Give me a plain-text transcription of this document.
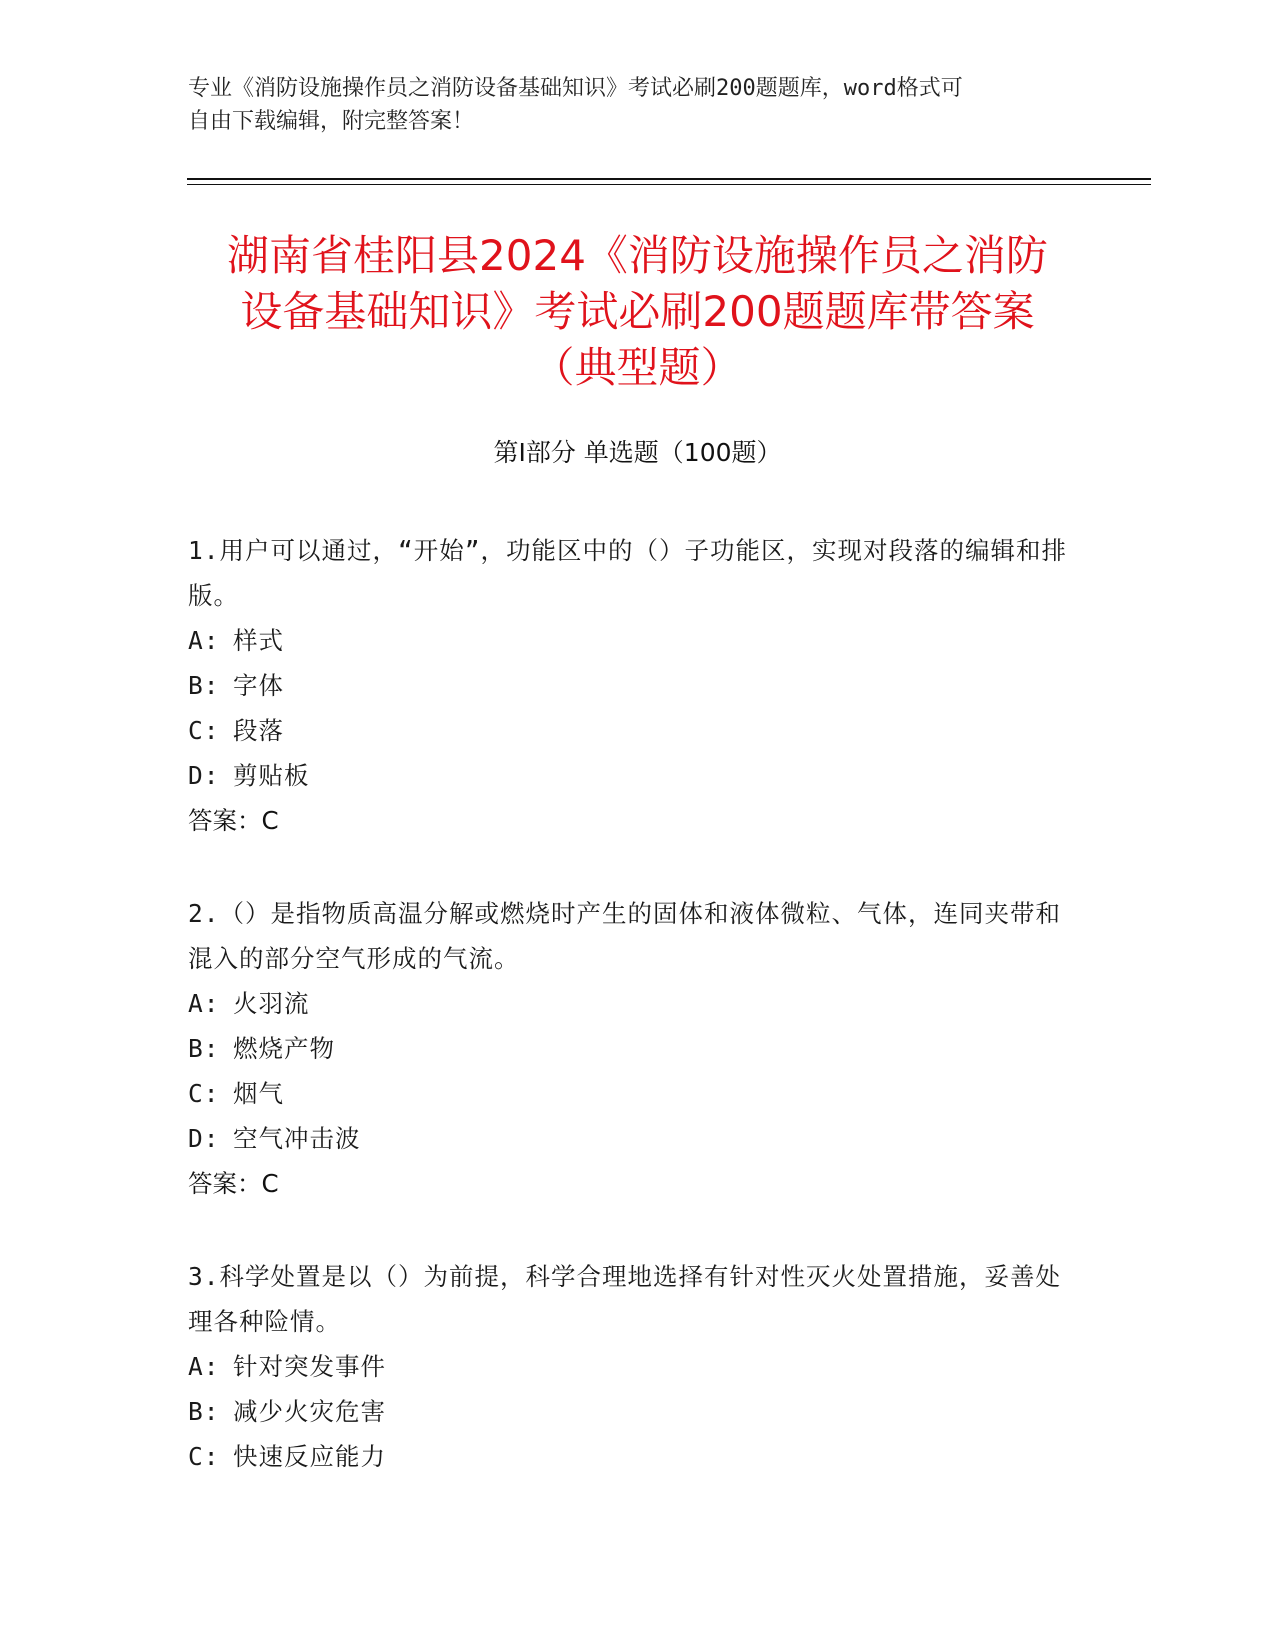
专业《消防设施操作员之消防设备基础知识》考试必刷200题题库，word格式可
自由下载编辑，附完整答案！
湖南省桂阳县2024《消防设施操作员之消防
设备基础知识》考试必刷200题题库带答案
（典型题）
第Ⅰ部分 单选题（100题）

1.用户可以通过，“开始”，功能区中的（）子功能区，实现对段落的编辑和排版。

A: 样式

B: 字体

C: 段落

D: 剪贴板

答案：C

2.（）是指物质高温分解或燃烧时产生的固体和液体微粒、气体，连同夹带和混入的部分空气形成的气流。

A: 火羽流

B: 燃烧产物

C: 烟气

D: 空气冲击波

答案：C

3.科学处置是以（）为前提，科学合理地选择有针对性灭火处置措施，妥善处理各种险情。

A: 针对突发事件

B: 减少火灾危害

C: 快速反应能力
